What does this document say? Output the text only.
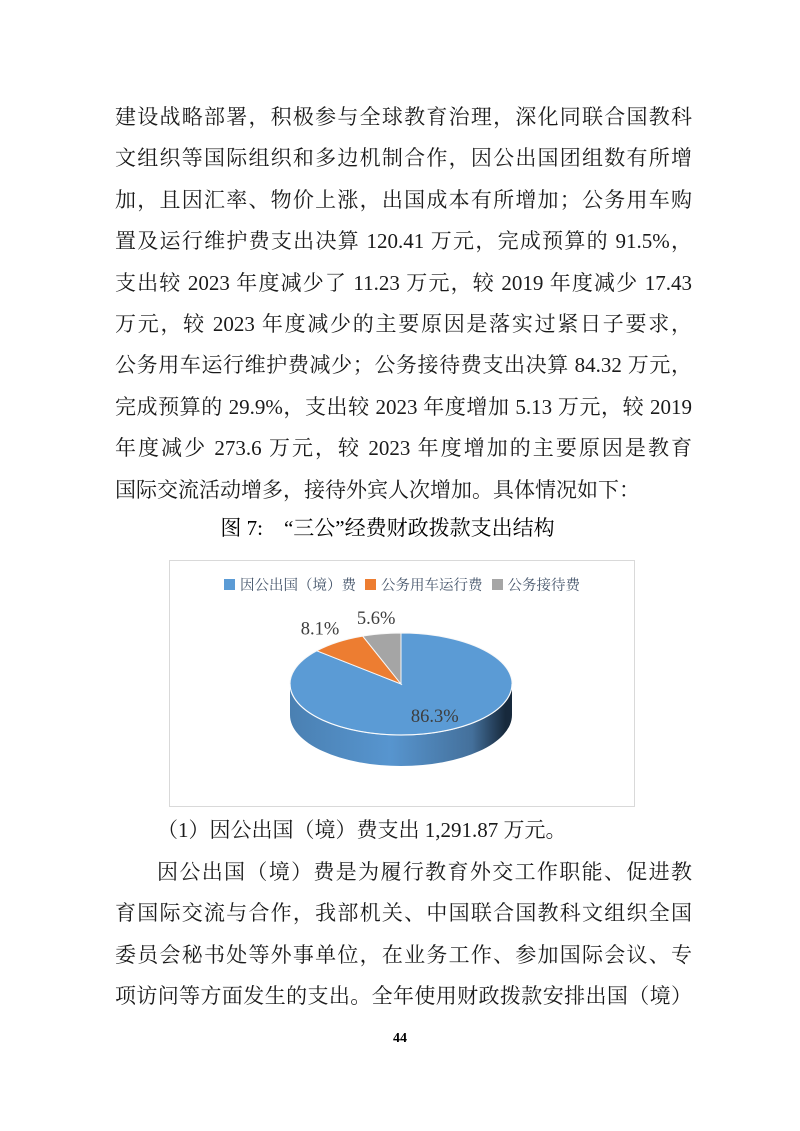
建设战略部署，积极参与全球教育治理，深化同联合国教科
文组织等国际组织和多边机制合作，因公出国团组数有所增
加，且因汇率、物价上涨，出国成本有所增加；公务用车购
置及运行维护费支出决算 120.41 万元，完成预算的 91.5%，
支出较 2023 年度减少了 11.23 万元，较 2019 年度减少 17.43
万元，较 2023 年度减少的主要原因是落实过紧日子要求，
公务用车运行维护费减少；公务接待费支出决算 84.32 万元，
完成预算的 29.9%，支出较 2023 年度增加 5.13 万元，较 2019
年度减少 273.6 万元，较 2023 年度增加的主要原因是教育
国际交流活动增多，接待外宾人次增加。具体情况如下：
图 7:　“三公”经费财政拨款支出结构
因公出国（境）费 公务用车运行费 公务接待费
86.3%
8.1%
5.6%
（1）因公出国（境）费支出 1,291.87 万元。
因公出国（境）费是为履行教育外交工作职能、促进教
育国际交流与合作，我部机关、中国联合国教科文组织全国
委员会秘书处等外事单位，在业务工作、参加国际会议、专
项访问等方面发生的支出。全年使用财政拨款安排出国（境）
44
